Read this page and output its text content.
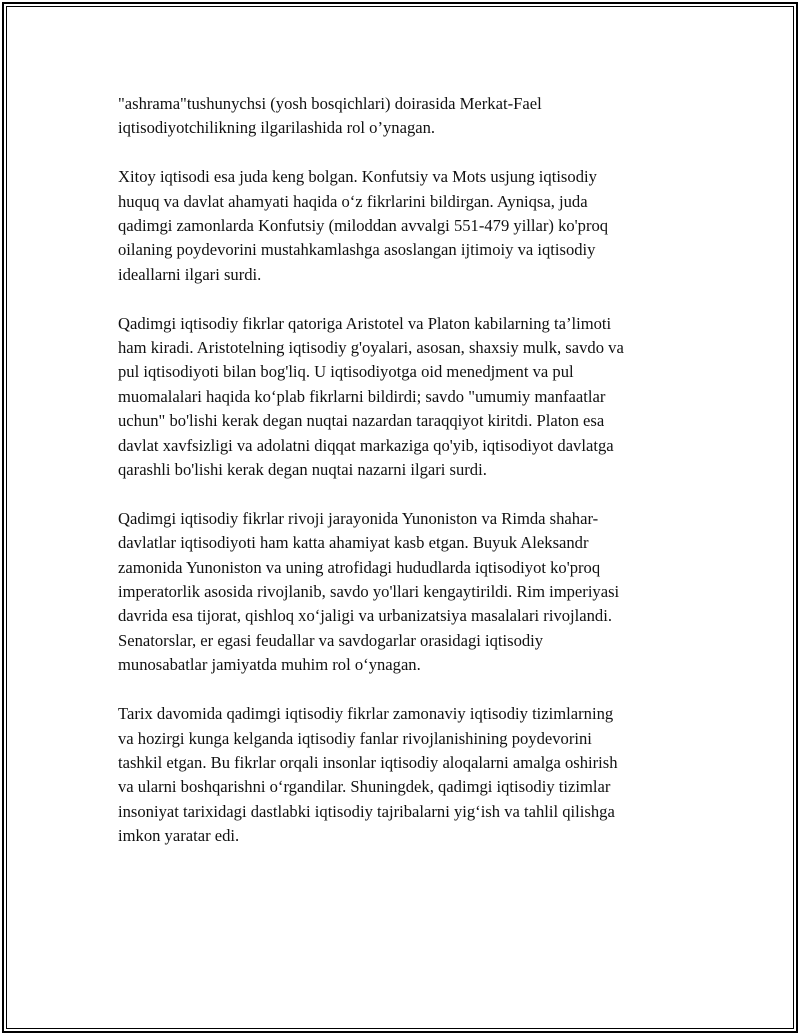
"ashrama"tushunychsi (yosh bosqichlari) doirasida Merkat-Fael
iqtisodiyotchilikning ilgarilashida rol o’ynagan.

Xitoy iqtisodi esa juda keng bolgan. Konfutsiy va Mots usjung iqtisodiy
huquq va davlat ahamyati haqida oʻz fikrlarini bildirgan. Ayniqsa, juda
qadimgi zamonlarda Konfutsiy (miloddan avvalgi 551-479 yillar) ko'proq
oilaning poydevorini mustahkamlashga asoslangan ijtimoiy va iqtisodiy
ideallarni ilgari surdi.

Qadimgi iqtisodiy fikrlar qatoriga Aristotel va Platon kabilarning ta’limoti
ham kiradi. Aristotelning iqtisodiy g'oyalari, asosan, shaxsiy mulk, savdo va
pul iqtisodiyoti bilan bog'liq. U iqtisodiyotga oid menedjment va pul
muomalalari haqida koʻplab fikrlarni bildirdi; savdo "umumiy manfaatlar
uchun" bo'lishi kerak degan nuqtai nazardan taraqqiyot kiritdi. Platon esa
davlat xavfsizligi va adolatni diqqat markaziga qo'yib, iqtisodiyot davlatga
qarashli bo'lishi kerak degan nuqtai nazarni ilgari surdi.

Qadimgi iqtisodiy fikrlar rivoji jarayonida Yunoniston va Rimda shahar-
davlatlar iqtisodiyoti ham katta ahamiyat kasb etgan. Buyuk Aleksandr
zamonida Yunoniston va uning atrofidagi hududlarda iqtisodiyot ko'proq
imperatorlik asosida rivojlanib, savdo yo'llari kengaytirildi. Rim imperiyasi
davrida esa tijorat, qishloq xoʻjaligi va urbanizatsiya masalalari rivojlandi.
Senatorslar, er egasi feudallar va savdogarlar orasidagi iqtisodiy
munosabatlar jamiyatda muhim rol oʻynagan.

Tarix davomida qadimgi iqtisodiy fikrlar zamonaviy iqtisodiy tizimlarning
va hozirgi kunga kelganda iqtisodiy fanlar rivojlanishining poydevorini
tashkil etgan. Bu fikrlar orqali insonlar iqtisodiy aloqalarni amalga oshirish
va ularni boshqarishni oʻrgandilar. Shuningdek, qadimgi iqtisodiy tizimlar
insoniyat tarixidagi dastlabki iqtisodiy tajribalarni yigʻish va tahlil qilishga
imkon yaratar edi.
